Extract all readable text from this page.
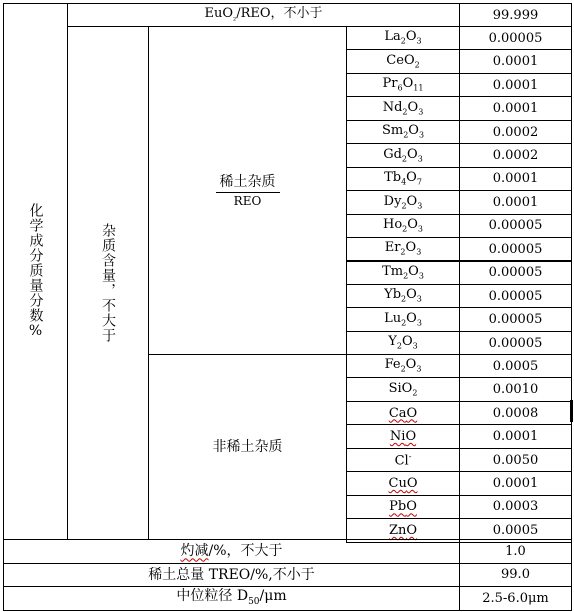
EuO$_{_2}$/REO，不小于	99.999
化学成分质量分数%	杂质含量，不大于
稀土杂质
REO
非稀土杂质
$La_2O_3$	0.00005
CeO$_2$	0.0001
$Pr_6O_{11}$	0.0001
$Nd_2O_3$	0.0001
$Sm_2O_3$	0.0002
$Gd_2O_3$	0.0002
$Tb_4O_7$	0.0001
$Dy_2O_3$	0.0001
$Ho_2O_3$	0.00005
$Er_2O_3$	0.00005
$Tm_2O_3$	0.00005
$Yb_2O_3$	0.00005
$Lu_2O_3$	0.00005
$Y_2O_3$	0.00005
$Fe_2O_3$	0.0005
SiO$_2$	0.0010
CaO	0.0008
NiO	0.0001
Cl-	0.0050
CuO	0.0001
PbO	0.0003
ZnO	0.0005
灼减/%，不大于	1.0
稀土总量 TREO/%,不小于	99.0
中位粒径 $D_{50}/\mu m$	2.5-6.0μm
